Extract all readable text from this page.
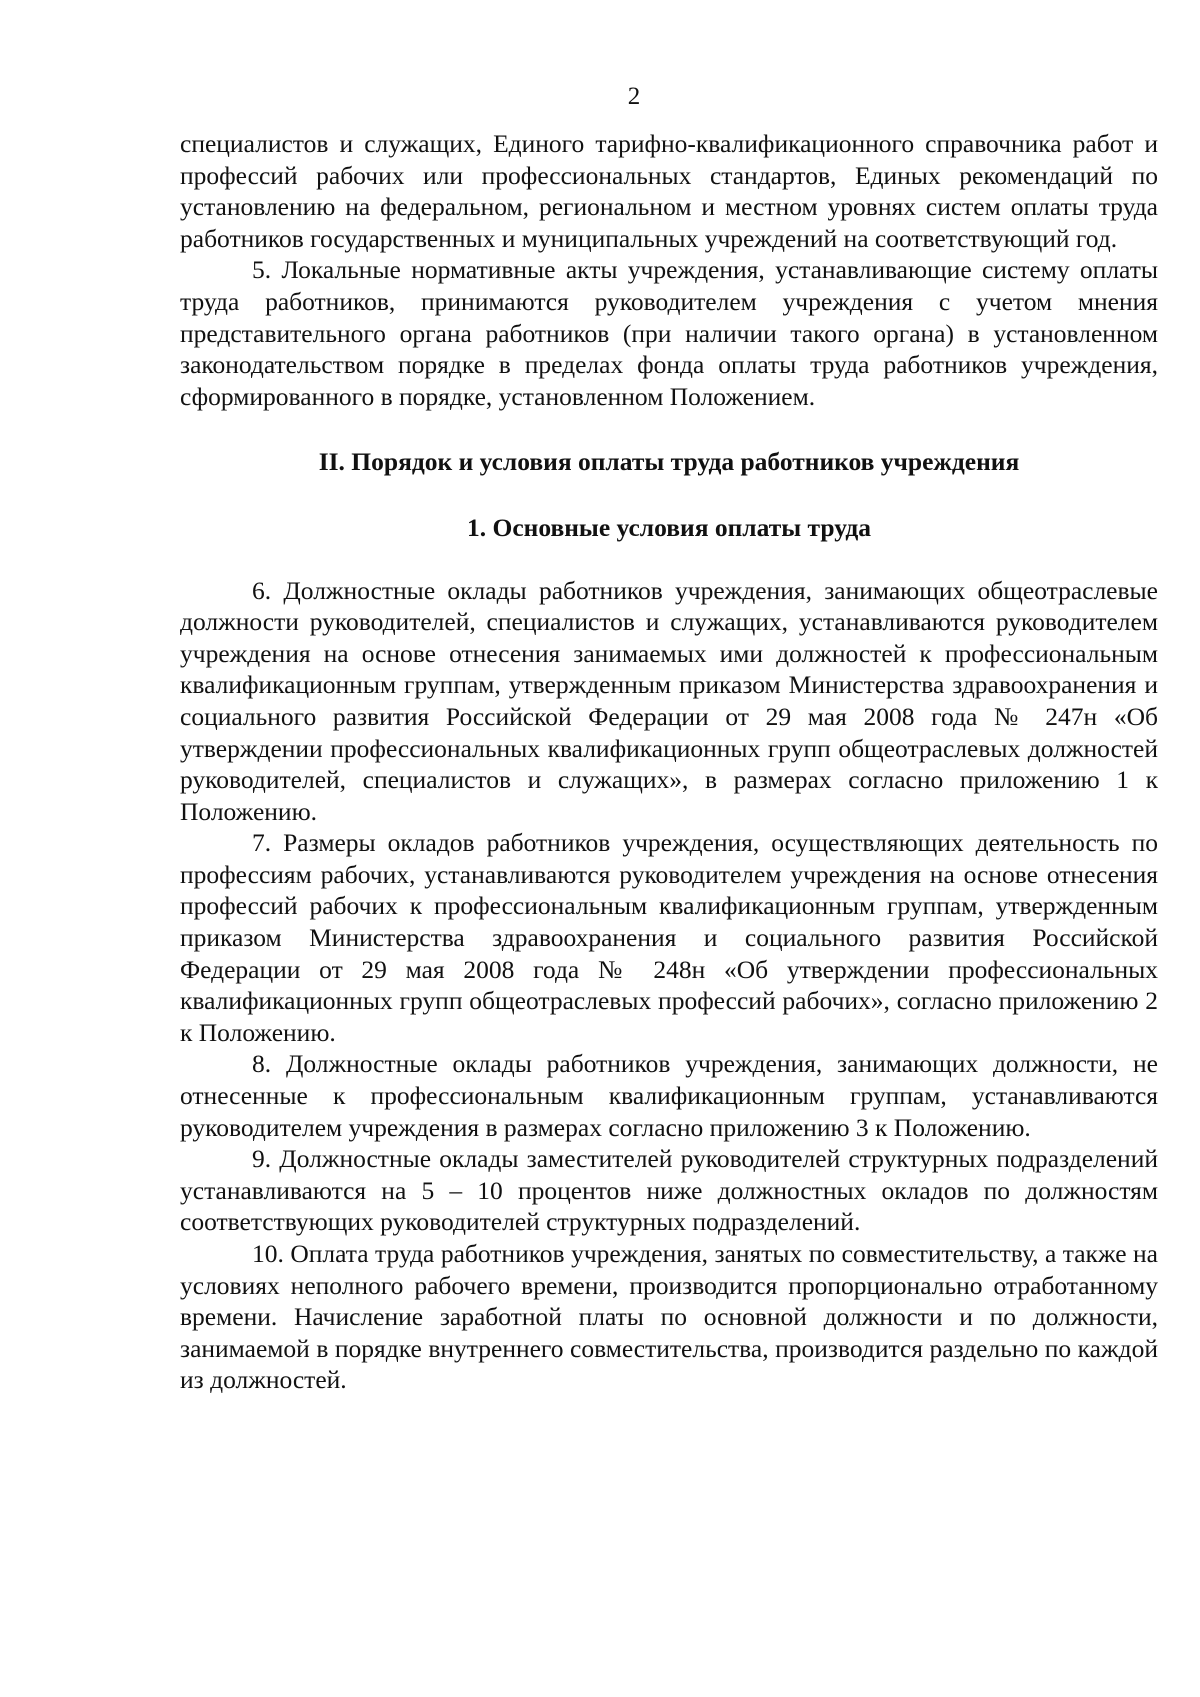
2

специалистов и служащих, Единого тарифно-квалификационного справочника работ и профессий рабочих или профессиональных стандартов, Единых рекомендаций по установлению на федеральном, региональном и местном уровнях систем оплаты труда работников государственных и муниципальных учреждений на соответствующий год.

5. Локальные нормативные акты учреждения, устанавливающие систему оплаты труда работников, принимаются руководителем учреждения с учетом мнения представительного органа работников (при наличии такого органа) в установленном законодательством порядке в пределах фонда оплаты труда работников учреждения, сформированного в порядке, установленном Положением.

II. Порядок и условия оплаты труда работников учреждения
1. Основные условия оплаты труда

6. Должностные оклады работников учреждения, занимающих общеотраслевые должности руководителей, специалистов и служащих, устанавливаются руководителем учреждения на основе отнесения занимаемых ими должностей к профессиональным квалификационным группам, утвержденным приказом Министерства здравоохранения и социального развития Российской Федерации от 29 мая 2008 года № 247н «Об утверждении профессиональных квалификационных групп общеотраслевых должностей руководителей, специалистов и служащих», в размерах согласно приложению 1 к Положению.

7. Размеры окладов работников учреждения, осуществляющих деятельность по профессиям рабочих, устанавливаются руководителем учреждения на основе отнесения профессий рабочих к профессиональным квалификационным группам, утвержденным приказом Министерства здравоохранения и социального развития Российской Федерации от 29 мая 2008 года № 248н «Об утверждении профессиональных квалификационных групп общеотраслевых профессий рабочих», согласно приложению 2 к Положению.

8. Должностные оклады работников учреждения, занимающих должности, не отнесенные к профессиональным квалификационным группам, устанавливаются руководителем учреждения в размерах согласно приложению 3 к Положению.

9. Должностные оклады заместителей руководителей структурных подразделений устанавливаются на 5 – 10 процентов ниже должностных окладов по должностям соответствующих руководителей структурных подразделений.

10. Оплата труда работников учреждения, занятых по совместительству, а также на условиях неполного рабочего времени, производится пропорционально отработанному времени. Начисление заработной платы по основной должности и по должности, занимаемой в порядке внутреннего совместительства, производится раздельно по каждой из должностей.
